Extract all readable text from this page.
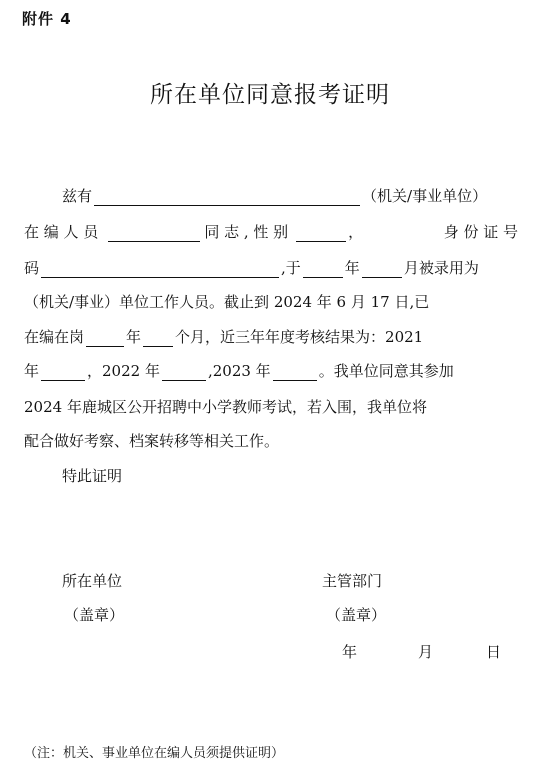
附件 4
所在单位同意报考证明
兹有	（机关/事业单位）
在 编 人 员	同 志 , 性 别	，	身 份 证 号
码	,于	年	月被录用为
（机关/事业）单位工作人员。截止到 2024 年 6 月 17 日,已
在编在岗	年 个月，近三年年度考核结果为：2021
年	，2022 年	,2023 年	。我单位同意其参加
2024 年鹿城区公开招聘中小学教师考试，若入围，我单位将
配合做好考察、档案转移等相关工作。
特此证明
所在单位
（盖章）
主管部门
（盖章）
年	月	日
（注：机关、事业单位在编人员须提供证明）
